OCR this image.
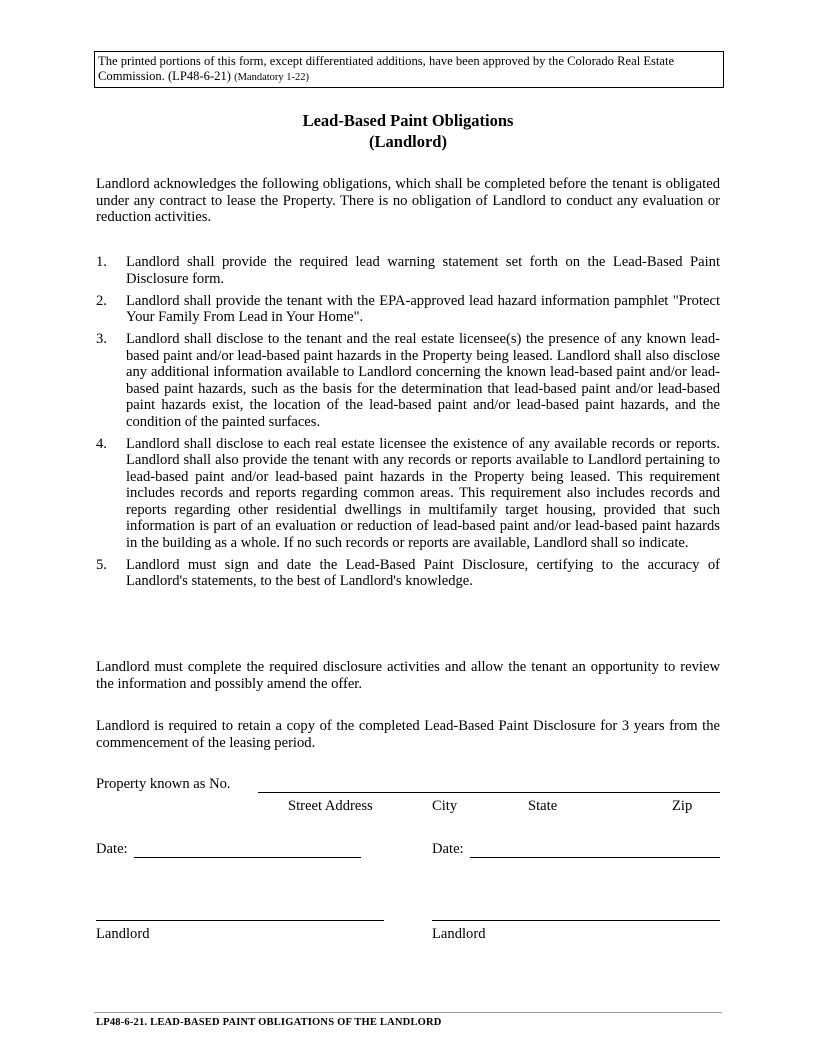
The printed portions of this form, except differentiated additions, have been approved by the Colorado Real Estate Commission. (LP48-6-21) (Mandatory 1-22)
Lead-Based Paint Obligations
(Landlord)

Landlord acknowledges the following obligations, which shall be completed before the tenant is obligated under any contract to lease the Property. There is no obligation of Landlord to conduct any evaluation or reduction activities.

1. Landlord shall provide the required lead warning statement set forth on the Lead-Based Paint Disclosure form.
2. Landlord shall provide the tenant with the EPA-approved lead hazard information pamphlet "Protect Your Family From Lead in Your Home".
3. Landlord shall disclose to the tenant and the real estate licensee(s) the presence of any known lead-based paint and/or lead-based paint hazards in the Property being leased. Landlord shall also disclose any additional information available to Landlord concerning the known lead-based paint and/or lead-based paint hazards, such as the basis for the determination that lead-based paint and/or lead-based paint hazards exist, the location of the lead-based paint and/or lead-based paint hazards, and the condition of the painted surfaces.
4. Landlord shall disclose to each real estate licensee the existence of any available records or reports. Landlord shall also provide the tenant with any records or reports available to Landlord pertaining to lead-based paint and/or lead-based paint hazards in the Property being leased. This requirement includes records and reports regarding common areas. This requirement also includes records and reports regarding other residential dwellings in multifamily target housing, provided that such information is part of an evaluation or reduction of lead-based paint and/or lead-based paint hazards in the building as a whole. If no such records or reports are available, Landlord shall so indicate.
5. Landlord must sign and date the Lead-Based Paint Disclosure, certifying to the accuracy of Landlord's statements, to the best of Landlord's knowledge.

Landlord must complete the required disclosure activities and allow the tenant an opportunity to review the information and possibly amend the offer.

Landlord is required to retain a copy of the completed Lead-Based Paint Disclosure for 3 years from the commencement of the leasing period.

Property known as No.
Street Address	City	State	Zip
Date:	Date:
Landlord	Landlord
LP48-6-21. LEAD-BASED PAINT OBLIGATIONS OF THE LANDLORD
